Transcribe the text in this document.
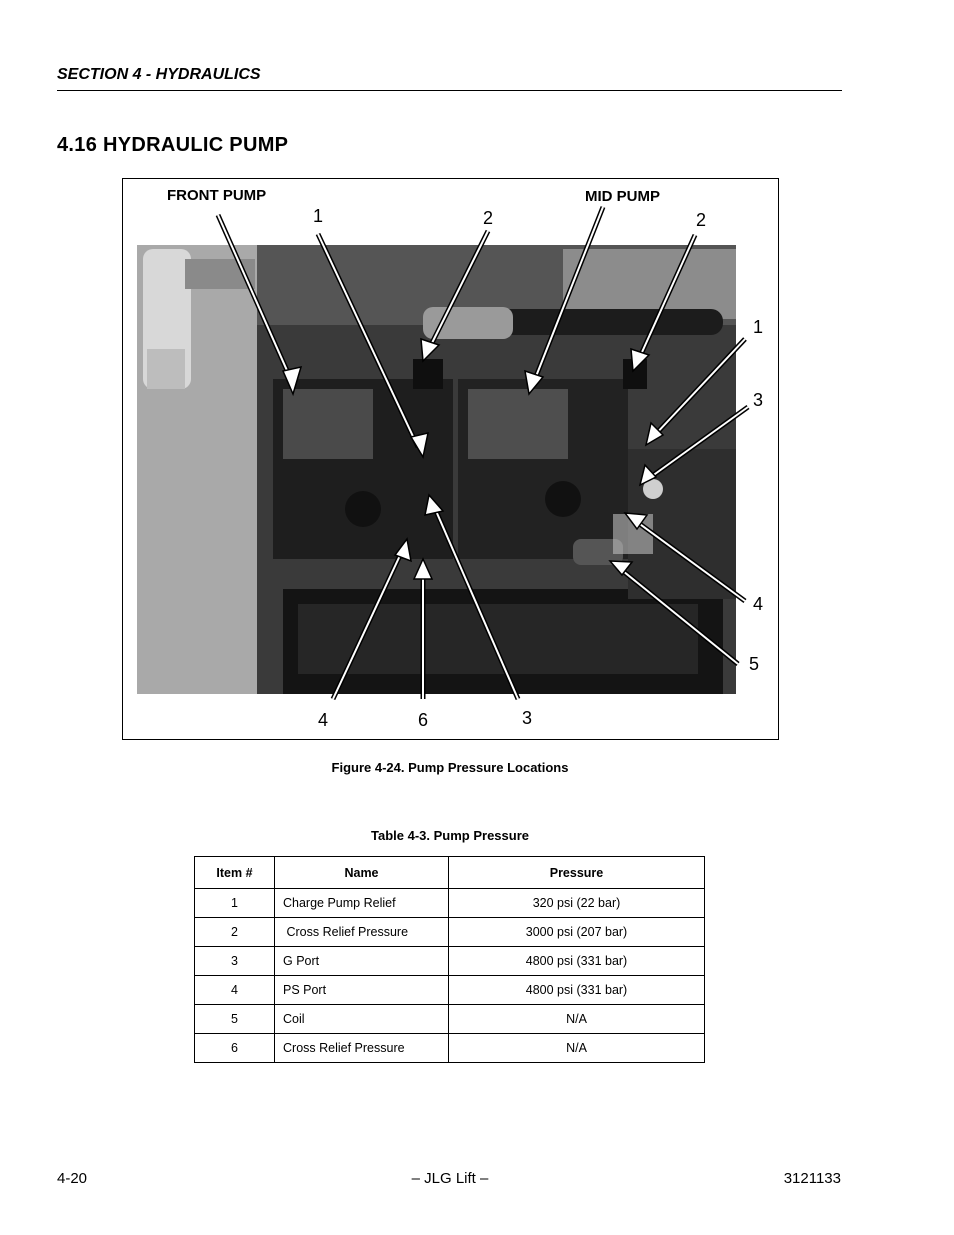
SECTION 4 - HYDRAULICS
4.16 HYDRAULIC PUMP
FRONT PUMP	MID PUMP
1	2	2
1
3
4
5
4	6	3
Figure 4-24. Pump Pressure Locations
Table 4-3. Pump Pressure
Item #	Name	Pressure
1	Charge Pump Relief	320 psi (22 bar)
2	Cross Relief Pressure	3000 psi (207 bar)
3	G Port	4800 psi (331 bar)
4	PS Port	4800 psi (331 bar)
5	Coil	N/A
6	Cross Relief Pressure	N/A
4-20	– JLG Lift –	3121133
